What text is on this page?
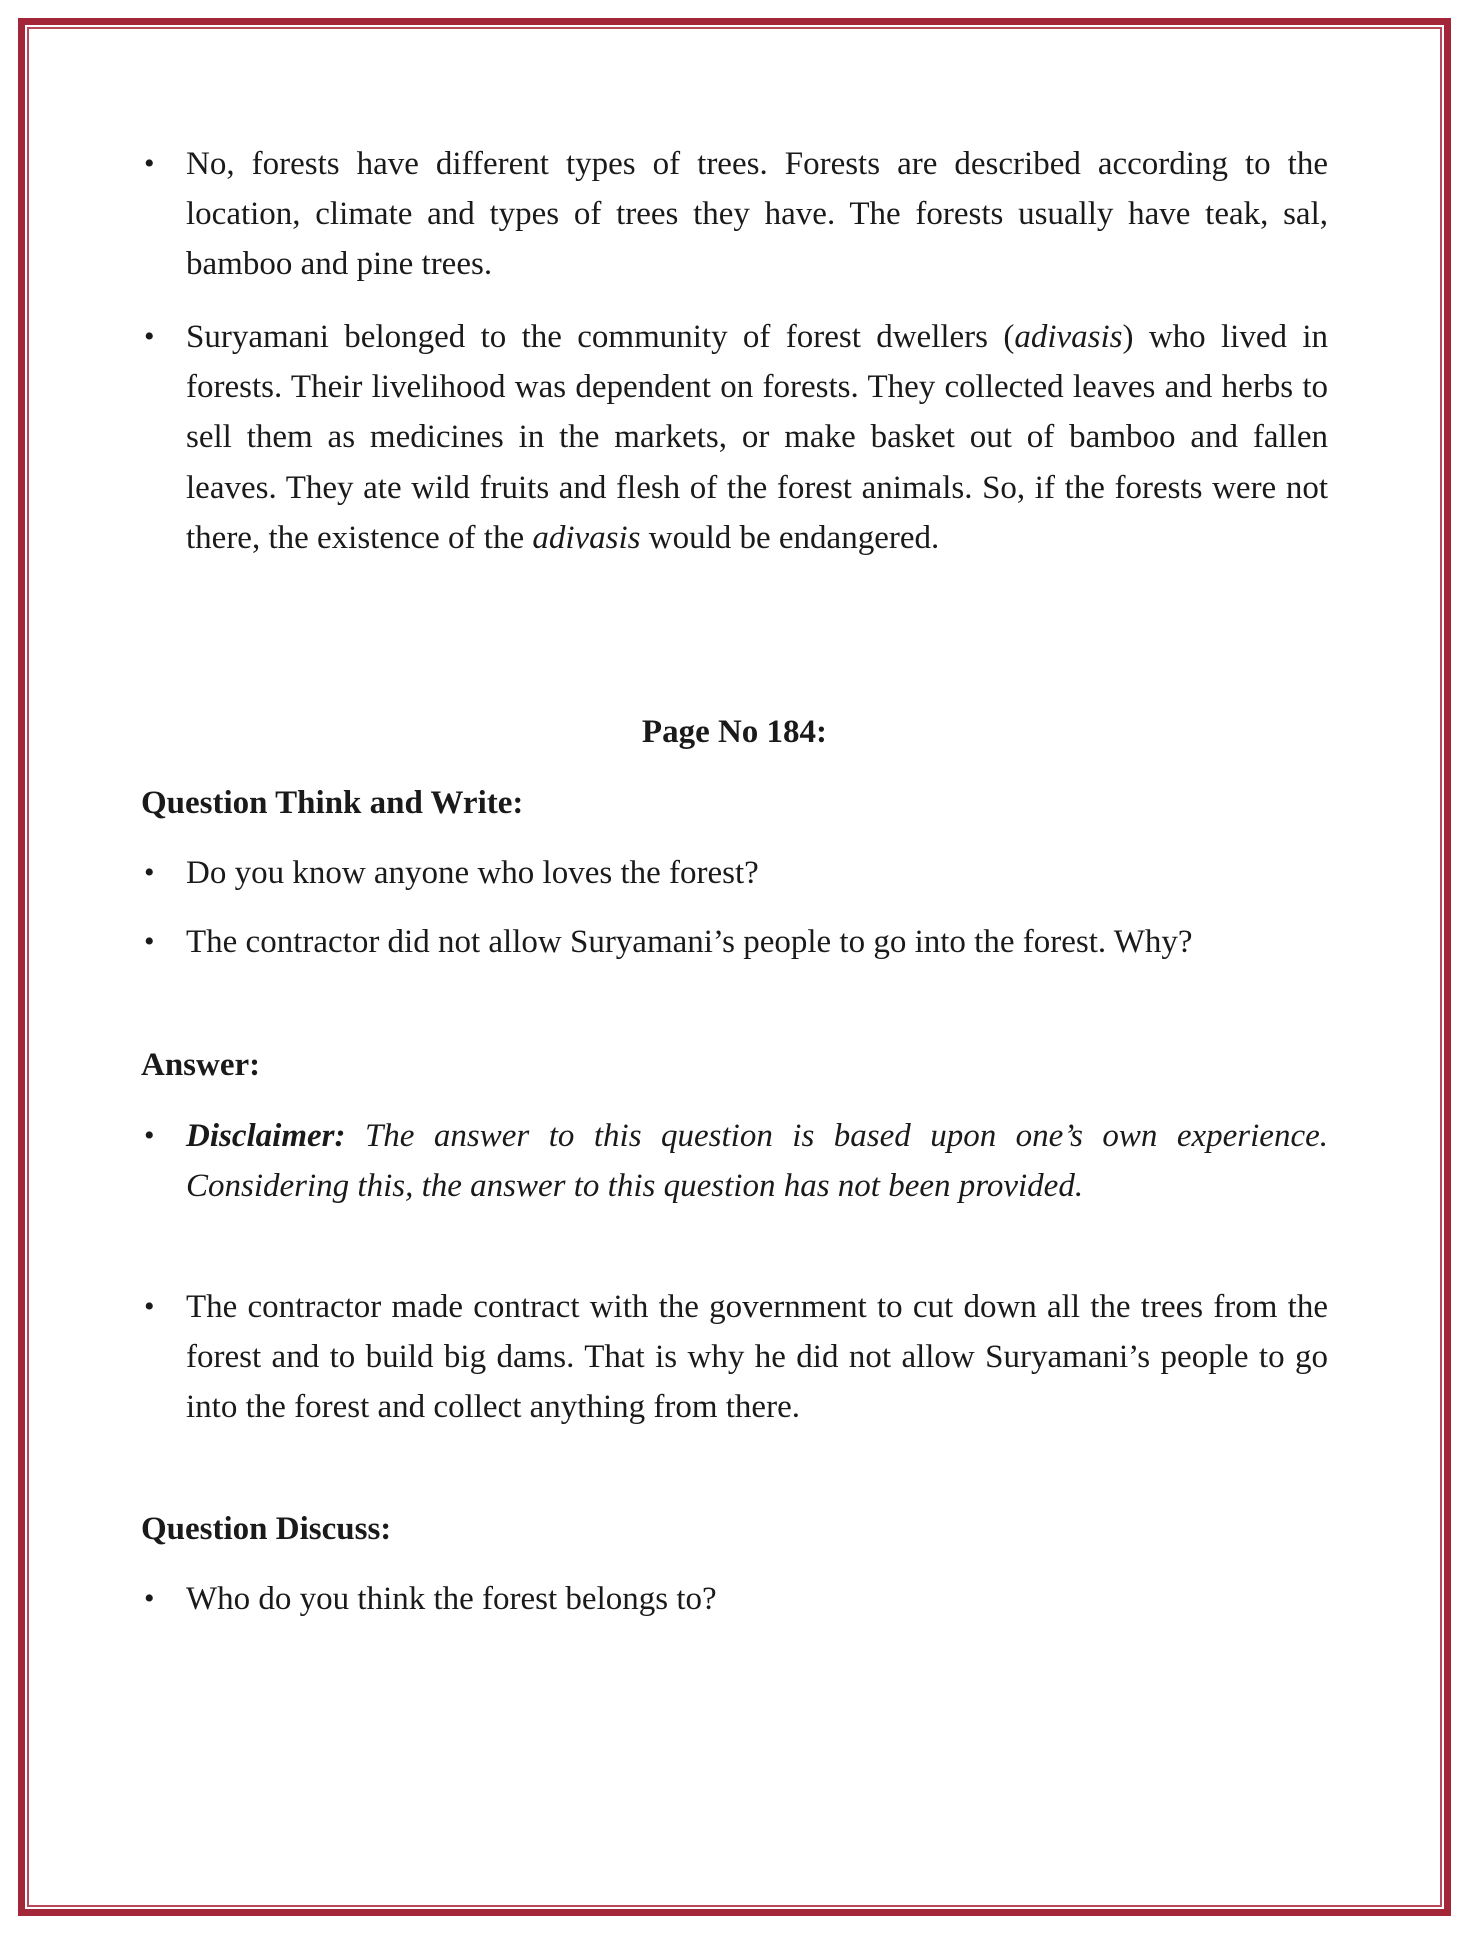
• No, forests have different types of trees. Forests are described according to the location, climate and types of trees they have. The forests usually have teak, sal, bamboo and pine trees.
• Suryamani belonged to the community of forest dwellers (adivasis) who lived in forests. Their livelihood was dependent on forests. They collected leaves and herbs to sell them as medicines in the markets, or make basket out of bamboo and fallen leaves. They ate wild fruits and flesh of the forest animals. So, if the forests were not there, the existence of the adivasis would be endangered.
Page No 184:
Question Think and Write:
• Do you know anyone who loves the forest?
• The contractor did not allow Suryamani’s people to go into the forest. Why?
Answer:
• Disclaimer: The answer to this question is based upon one’s own experience. Considering this, the answer to this question has not been provided.
• The contractor made contract with the government to cut down all the trees from the forest and to build big dams. That is why he did not allow Suryamani’s people to go into the forest and collect anything from there.
Question Discuss:
• Who do you think the forest belongs to?
